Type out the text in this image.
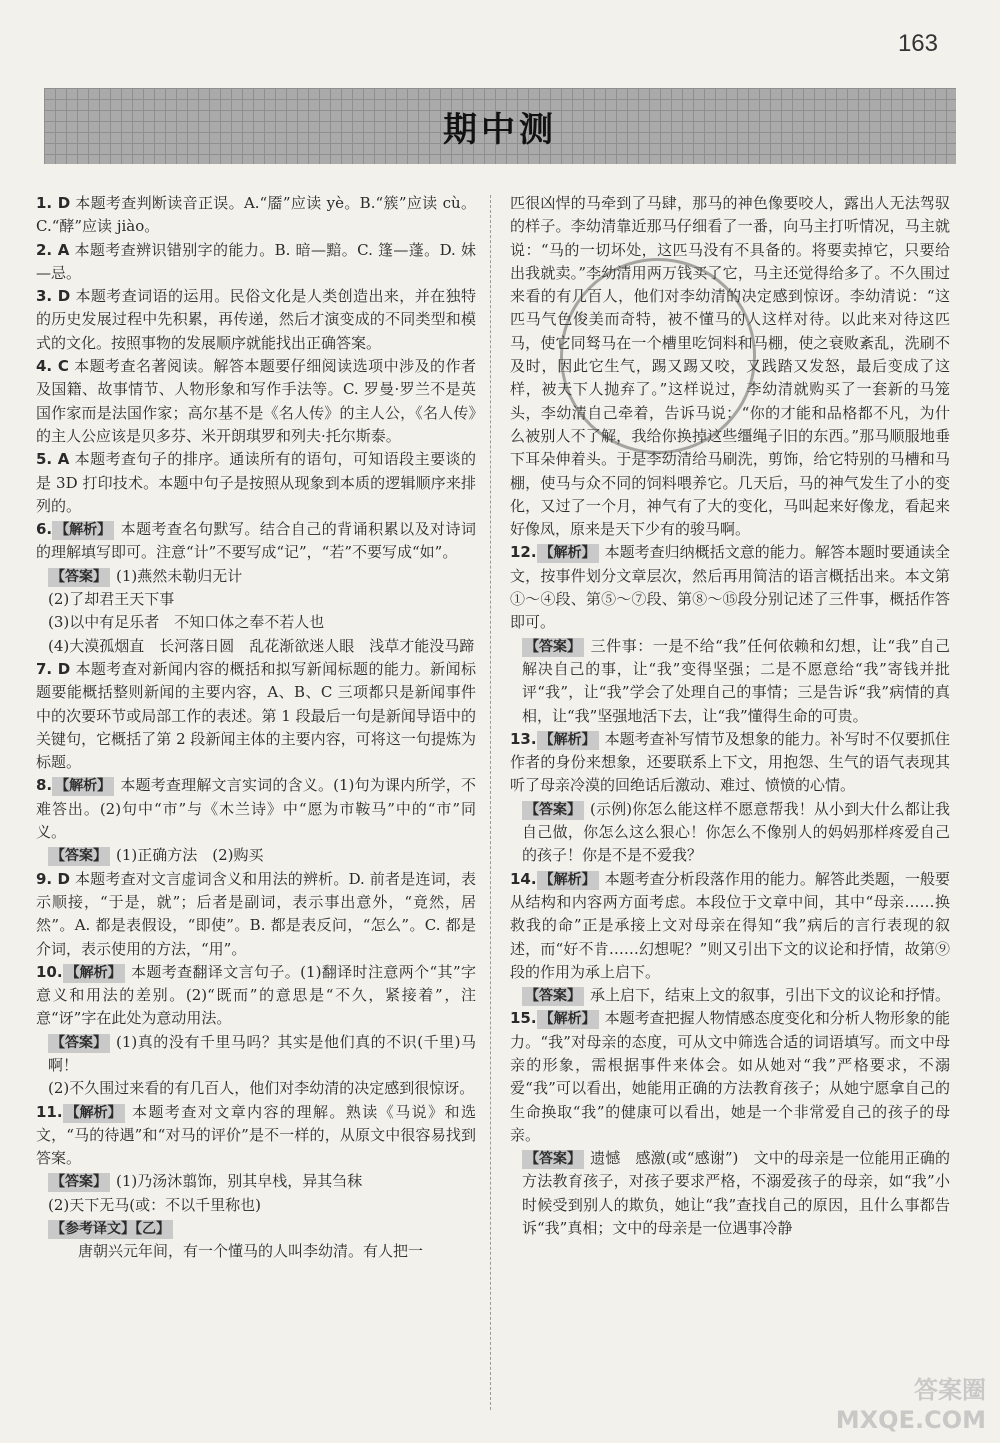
163
期中测
1. D 本题考查判断读音正误。A.“靥”应读 yè。B.“簇”应读 cù。C.“酵”应读 jiào。
2. A 本题考查辨识错别字的能力。B. 暗—黯。C. 篷—蓬。D. 妹—忌。
3. D 本题考查词语的运用。民俗文化是人类创造出来，并在独特的历史发展过程中先积累，再传递，然后才演变成的不同类型和模式的文化。按照事物的发展顺序就能找出正确答案。
4. C 本题考查名著阅读。解答本题要仔细阅读选项中涉及的作者及国籍、故事情节、人物形象和写作手法等。C. 罗曼·罗兰不是英国作家而是法国作家；高尔基不是《名人传》的主人公，《名人传》的主人公应该是贝多芬、米开朗琪罗和列夫·托尔斯泰。
5. A 本题考查句子的排序。通读所有的语句，可知语段主要谈的是 3D 打印技术。本题中句子是按照从现象到本质的逻辑顺序来排列的。
6. 【解析】 本题考查名句默写。结合自己的背诵积累以及对诗词的理解填写即可。注意“计”不要写成“记”，“若”不要写成“如”。
【答案】 (1)燕然未勒归无计
(2)了却君王天下事
(3)以中有足乐者　不知口体之奉不若人也
(4)大漠孤烟直　长河落日圆　乱花渐欲迷人眼　浅草才能没马蹄
7. D 本题考查对新闻内容的概括和拟写新闻标题的能力。新闻标题要能概括整则新闻的主要内容，A、B、C 三项都只是新闻事件中的次要环节或局部工作的表述。第 1 段最后一句是新闻导语中的关键句，它概括了第 2 段新闻主体的主要内容，可将这一句提炼为标题。
8. 【解析】 本题考查理解文言实词的含义。(1)句为课内所学，不难答出。(2)句中“市”与《木兰诗》中“愿为市鞍马”中的“市”同义。
【答案】 (1)正确方法　(2)购买
9. D 本题考查对文言虚词含义和用法的辨析。D. 前者是连词，表示顺接，“于是，就”；后者是副词，表示事出意外，“竟然，居然”。A. 都是表假设，“即使”。B. 都是表反问，“怎么”。C. 都是介词，表示使用的方法，“用”。
10. 【解析】 本题考查翻译文言句子。(1)翻译时注意两个“其”字意义和用法的差别。(2)“既而”的意思是“不久，紧接着”，注意“讶”字在此处为意动用法。
【答案】 (1)真的没有千里马吗？其实是他们真的不识(千里)马啊！
(2)不久围过来看的有几百人，他们对李幼清的决定感到很惊讶。
11. 【解析】 本题考查对文章内容的理解。熟读《马说》和选文，“马的待遇”和“对马的评价”是不一样的，从原文中很容易找到答案。
【答案】 (1)乃汤沐翦饰，别其皁栈，异其刍秣
(2)天下无马(或：不以千里称也)
【参考译文】【乙】
唐朝兴元年间，有一个懂马的人叫李幼清。有人把一
匹很凶悍的马牵到了马肆，那马的神色像要咬人，露出人无法驾驭的样子。李幼清靠近那马仔细看了一番，向马主打听情况，马主就说：“马的一切坏处，这匹马没有不具备的。将要卖掉它，只要给出我就卖。”李幼清用两万钱买了它，马主还觉得给多了。不久围过来看的有几百人，他们对李幼清的决定感到惊讶。李幼清说：“这匹马气色俊美而奇特，被不懂马的人这样对待。以此来对待这匹马，使它同驽马在一个槽里吃饲料和马棚，使之衰败紊乱，洗刷不及时，因此它生气，踢又踢又咬，又践踏又发怒，最后变成了这样，被天下人抛弃了。”这样说过，李幼清就购买了一套新的马笼头，李幼清自己牵着，告诉马说：“你的才能和品格都不凡，为什么被别人不了解，我给你换掉这些缰绳子旧的东西。”那马顺服地垂下耳朵伸着头。于是李幼清给马刷洗，剪饰，给它特别的马槽和马棚，使马与众不同的饲料喂养它。几天后，马的神气发生了小的变化，又过了一个月，神气有了大的变化，马叫起来好像龙，看起来好像凤，原来是天下少有的骏马啊。
12. 【解析】 本题考查归纳概括文意的能力。解答本题时要通读全文，按事件划分文章层次，然后再用简洁的语言概括出来。本文第①～④段、第⑤～⑦段、第⑧～⑮段分别记述了三件事，概括作答即可。
【答案】 三件事：一是不给“我”任何依赖和幻想，让“我”自己解决自己的事，让“我”变得坚强；二是不愿意给“我”寄钱并批评“我”，让“我”学会了处理自己的事情；三是告诉“我”病情的真相，让“我”坚强地活下去，让“我”懂得生命的可贵。
13. 【解析】 本题考查补写情节及想象的能力。补写时不仅要抓住作者的身份来想象，还要联系上下文，用抱怨、生气的语气表现其听了母亲冷漠的回绝话后激动、难过、愤愤的心情。
【答案】 (示例)你怎么能这样不愿意帮我！从小到大什么都让我自己做，你怎么这么狠心！你怎么不像别人的妈妈那样疼爱自己的孩子！你是不是不爱我？
14. 【解析】 本题考查分析段落作用的能力。解答此类题，一般要从结构和内容两方面考虑。本段位于文章中间，其中“母亲……换救我的命”正是承接上文对母亲在得知“我”病后的言行表现的叙述，而“好不肯……幻想呢？”则又引出下文的议论和抒情，故第⑨段的作用为承上启下。
【答案】 承上启下，结束上文的叙事，引出下文的议论和抒情。
15. 【解析】 本题考查把握人物情感态度变化和分析人物形象的能力。“我”对母亲的态度，可从文中筛选合适的词语填写。而文中母亲的形象，需根据事件来体会。如从她对“我”严格要求，不溺爱“我”可以看出，她能用正确的方法教育孩子；从她宁愿拿自己的生命换取“我”的健康可以看出，她是一个非常爱自己的孩子的母亲。
【答案】 遗憾　感激(或“感谢”)　文中的母亲是一位能用正确的方法教育孩子，对孩子要求严格，不溺爱孩子的母亲，如“我”小时候受到别人的欺负，她让“我”查找自己的原因，且什么事都告诉“我”真相；文中的母亲是一位遇事冷静
答案圈
MXQE.COM
